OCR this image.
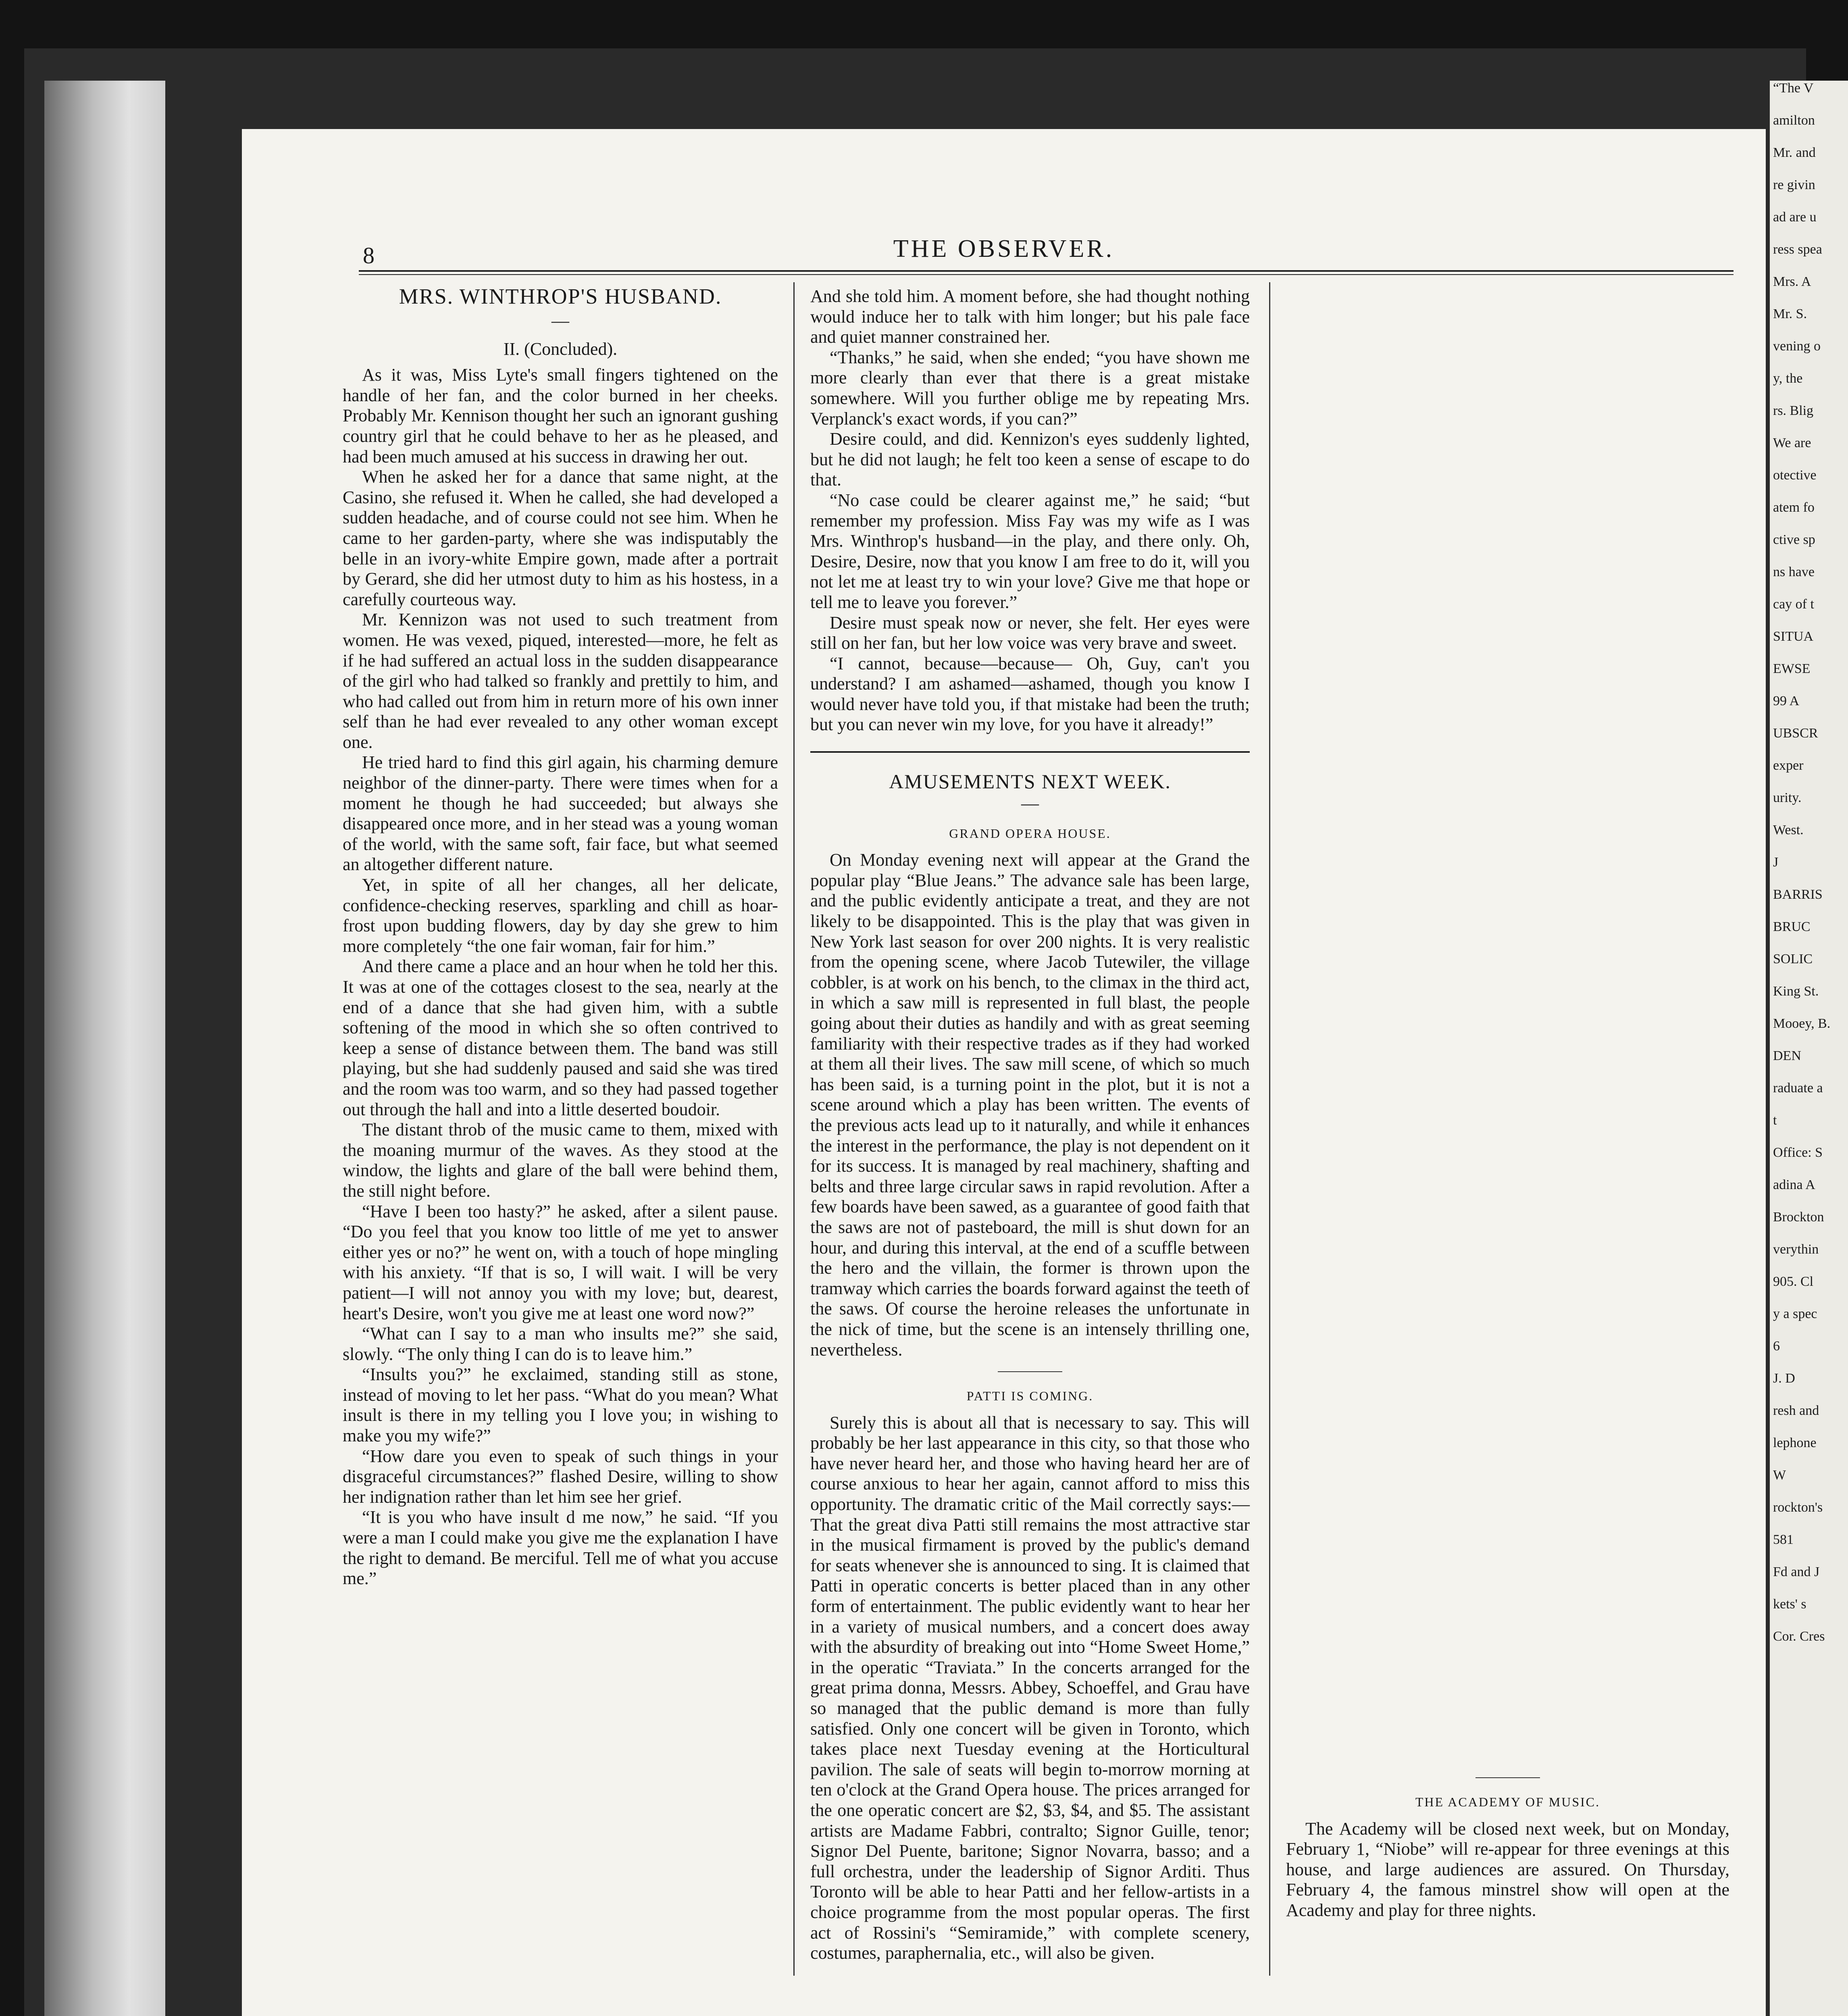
“The V

amilton

Mr. and

re givin

ad are u

ress spea

Mrs. A

Mr. S.

vening o

y, the

rs. Blig

We are

otective

atem fo

ctive sp

ns have

cay of t

SITUA

EWSE

99 A

UBSCR

exper

urity.

West.

J

BARRIS

BRUC

SOLIC

King St.

Mooey, B.

DEN

raduate a

t

Office: S

adina A

Brockton

verythin

905. Cl

y a spec

6

J. D

resh and

lephone

W

rockton's

581

Fd and J

kets' s

Cor. Cres

8	THE OBSERVER.
MRS. WINTHROP'S HUSBAND.
—
II. (Concluded).

As it was, Miss Lyte's small fingers tightened on the handle of her fan, and the color burned in her cheeks. Probably Mr. Kennison thought her such an ignorant gushing country girl that he could behave to her as he pleased, and had been much amused at his success in drawing her out.

When he asked her for a dance that same night, at the Casino, she refused it. When he called, she had developed a sudden headache, and of course could not see him. When he came to her garden-party, where she was indisputably the belle in an ivory-white Empire gown, made after a portrait by Gerard, she did her utmost duty to him as his hostess, in a carefully courteous way.

Mr. Kennizon was not used to such treatment from women. He was vexed, piqued, interested—more, he felt as if he had suffered an actual loss in the sudden disappearance of the girl who had talked so frankly and prettily to him, and who had called out from him in return more of his own inner self than he had ever revealed to any other woman except one.

He tried hard to find this girl again, his charming demure neighbor of the dinner-party. There were times when for a moment he though he had succeeded; but always she disappeared once more, and in her stead was a young woman of the world, with the same soft, fair face, but what seemed an altogether different nature.

Yet, in spite of all her changes, all her delicate, confidence-checking reserves, sparkling and chill as hoar-frost upon budding flowers, day by day she grew to him more completely “the one fair woman, fair for him.”

And there came a place and an hour when he told her this. It was at one of the cottages closest to the sea, nearly at the end of a dance that she had given him, with a subtle softening of the mood in which she so often contrived to keep a sense of distance between them. The band was still playing, but she had suddenly paused and said she was tired and the room was too warm, and so they had passed together out through the hall and into a little deserted boudoir.

The distant throb of the music came to them, mixed with the moaning murmur of the waves. As they stood at the window, the lights and glare of the ball were behind them, the still night before.

“Have I been too hasty?” he asked, after a silent pause. “Do you feel that you know too little of me yet to answer either yes or no?” he went on, with a touch of hope mingling with his anxiety. “If that is so, I will wait. I will be very patient—I will not annoy you with my love; but, dearest, heart's Desire, won't you give me at least one word now?”

“What can I say to a man who insults me?” she said, slowly. “The only thing I can do is to leave him.”

“Insults you?” he exclaimed, standing still as stone, instead of moving to let her pass. “What do you mean? What insult is there in my telling you I love you; in wishing to make you my wife?”

“How dare you even to speak of such things in your disgraceful circumstances?” flashed Desire, willing to show her indignation rather than let him see her grief.

“It is you who have insult d me now,” he said. “If you were a man I could make you give me the explanation I have the right to demand. Be merciful. Tell me of what you accuse me.”

And she told him. A moment before, she had thought nothing would induce her to talk with him longer; but his pale face and quiet manner constrained her.

“Thanks,” he said, when she ended; “you have shown me more clearly than ever that there is a great mistake somewhere. Will you further oblige me by repeating Mrs. Verplanck's exact words, if you can?”

Desire could, and did. Kennizon's eyes suddenly lighted, but he did not laugh; he felt too keen a sense of escape to do that.

“No case could be clearer against me,” he said; “but remember my profession. Miss Fay was my wife as I was Mrs. Winthrop's husband—in the play, and there only. Oh, Desire, Desire, now that you know I am free to do it, will you not let me at least try to win your love? Give me that hope or tell me to leave you forever.”

Desire must speak now or never, she felt. Her eyes were still on her fan, but her low voice was very brave and sweet.

“I cannot, because—because— Oh, Guy, can't you understand? I am ashamed—ashamed, though you know I would never have told you, if that mistake had been the truth; but you can never win my love, for you have it already!”

AMUSEMENTS NEXT WEEK.
—
GRAND OPERA HOUSE.

On Monday evening next will appear at the Grand the popular play “Blue Jeans.” The advance sale has been large, and the public evidently anticipate a treat, and they are not likely to be disappointed. This is the play that was given in New York last season for over 200 nights. It is very realistic from the opening scene, where Jacob Tutewiler, the village cobbler, is at work on his bench, to the climax in the third act, in which a saw mill is represented in full blast, the people going about their duties as handily and with as great seeming familiarity with their respective trades as if they had worked at them all their lives. The saw mill scene, of which so much has been said, is a turning point in the plot, but it is not a scene around which a play has been written. The events of the previous acts lead up to it naturally, and while it enhances the interest in the performance, the play is not dependent on it for its success. It is managed by real machinery, shafting and belts and three large circular saws in rapid revolution. After a few boards have been sawed, as a guarantee of good faith that the saws are not of pasteboard, the mill is shut down for an hour, and during this interval, at the end of a scuffle between the hero and the villain, the former is thrown upon the tramway which carries the boards forward against the teeth of the saws. Of course the heroine releases the unfortunate in the nick of time, but the scene is an intensely thrilling one, nevertheless.

PATTI IS COMING.

Surely this is about all that is necessary to say. This will probably be her last appearance in this city, so that those who have never heard her, and those who having heard her are of course anxious to hear her again, cannot afford to miss this opportunity. The dramatic critic of the Mail correctly says:—That the great diva Patti still remains the most attractive star in the musical firmament is proved by the public's demand for seats whenever she is announced to sing. It is claimed that Patti in operatic concerts is better placed than in any other form of entertainment. The public evidently want to hear her in a variety of musical numbers, and a concert does away with the absurdity of breaking out into “Home Sweet Home,” in the operatic “Traviata.” In the concerts arranged for the great prima donna, Messrs. Abbey, Schoeffel, and Grau have so managed that the public demand is more than fully satisfied. Only one concert will be given in Toronto, which takes place next Tuesday evening at the Horticultural pavilion. The sale of seats will begin to-morrow morning at ten o'clock at the Grand Opera house. The prices arranged for the one operatic concert are $2, $3, $4, and $5. The assistant artists are Madame Fabbri, contralto; Signor Guille, tenor; Signor Del Puente, baritone; Signor Novarra, basso; and a full orchestra, under the leadership of Signor Arditi. Thus Toronto will be able to hear Patti and her fellow-artists in a choice programme from the most popular operas. The first act of Rossini's “Semiramide,” with complete scenery, costumes, paraphernalia, etc., will also be given.

THE ACADEMY OF MUSIC.

The Academy will be closed next week, but on Monday, February 1, “Niobe” will re-appear for three evenings at this house, and large audiences are assured. On Thursday, February 4, the famous minstrel show will open at the Academy and play for three nights.
